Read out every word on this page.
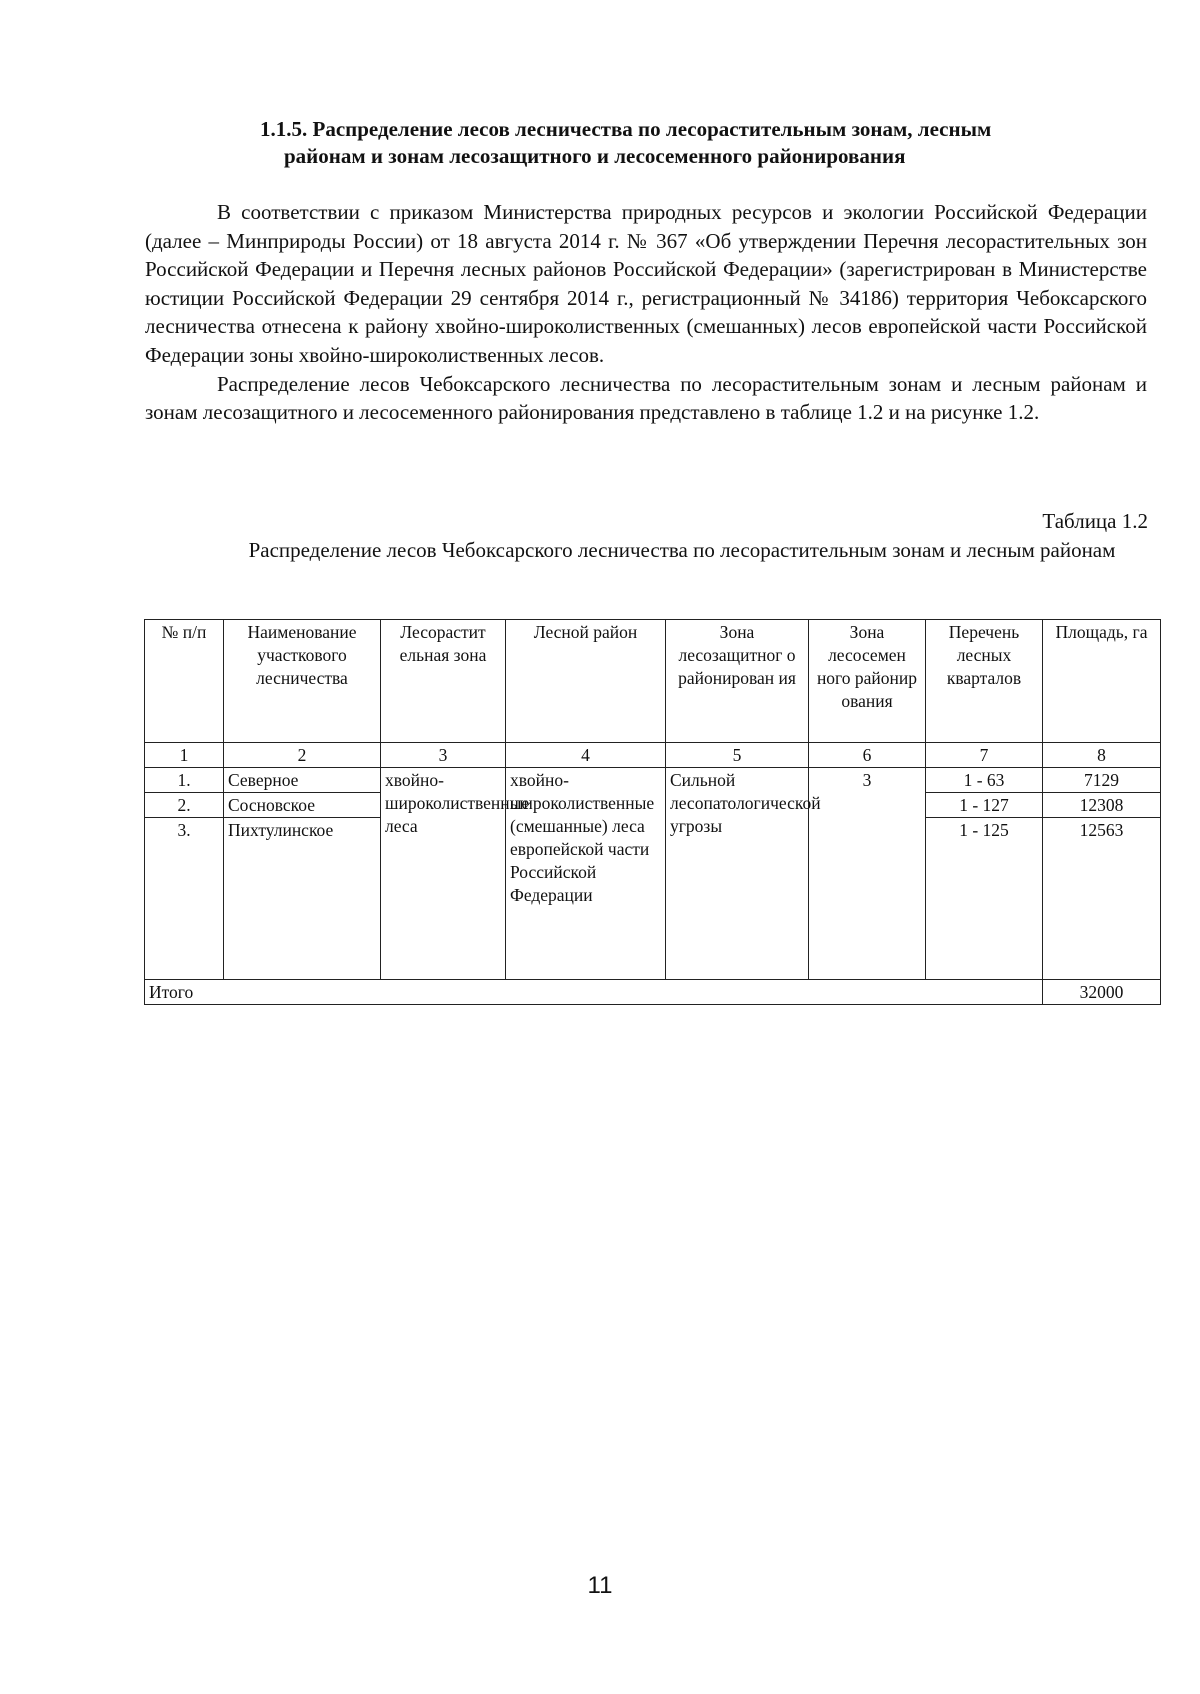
1.1.5. Распределение лесов лесничества по лесорастительным зонам, лесным
районам и зонам лесозащитного и лесосеменного районирования

В соответствии с приказом Министерства природных ресурсов и экологии Российской Федерации (далее – Минприроды России) от 18 августа 2014 г. № 367 «Об утверждении Перечня лесорастительных зон Российской Федерации и Перечня лесных районов Российской Федерации» (зарегистрирован в Министерстве юстиции Российской Федерации 29 сентября 2014 г., регистрационный № 34186) территория Чебоксарского лесничества отнесена к району хвойно-широколиственных (смешанных) лесов европейской части Российской Федерации зоны хвойно-широколиственных лесов.

Распределение лесов Чебоксарского лесничества по лесорастительным зонам и лесным районам и зонам лесозащитного и лесосеменного районирования представлено в таблице 1.2 и на рисунке 1.2.

Таблица 1.2

Распределение лесов Чебоксарского лесничества по лесорастительным зонам и лесным районам

№ п/п	Наименование участкового лесничества	Лесорастит ельная зона	Лесной район	Зона лесозащитног о районирован ия	Зона лесосемен ного районир ования	Перечень лесных кварталов	Площадь, га
1	2	3	4	5	6	7	8
1.	Северное	хвойно-широколиственные леса	хвойно-широколиственные (смешанные) леса европейской части Российской Федерации	Сильной лесопатологической угрозы	3	1 - 63	7129
2.	Сосновское					1 - 127	12308
3.	Пихтулинское					1 - 125	12563
Итого							32000

11
